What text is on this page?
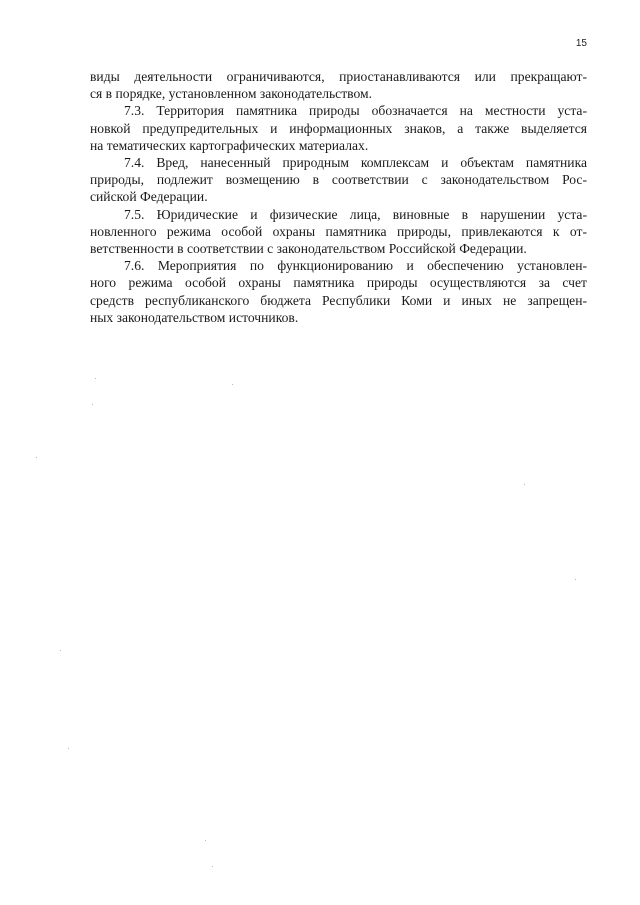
15
виды деятельности ограничиваются, приостанавливаются или прекращают-
ся в порядке, установленном законодательством.
7.3. Территория памятника природы обозначается на местности уста-
новкой предупредительных и информационных знаков, а также выделяется
на тематических картографических материалах.
7.4. Вред, нанесенный природным комплексам и объектам памятника
природы, подлежит возмещению в соответствии с законодательством Рос-
сийской Федерации.
7.5. Юридические и физические лица, виновные в нарушении уста-
новленного режима особой охраны памятника природы, привлекаются к от-
ветственности в соответствии с законодательством Российской Федерации.
7.6. Мероприятия по функционированию и обеспечению установлен-
ного режима особой охраны памятника природы осуществляются за счет
средств республиканского бюджета Республики Коми и иных не запрещен-
ных законодательством источников.
